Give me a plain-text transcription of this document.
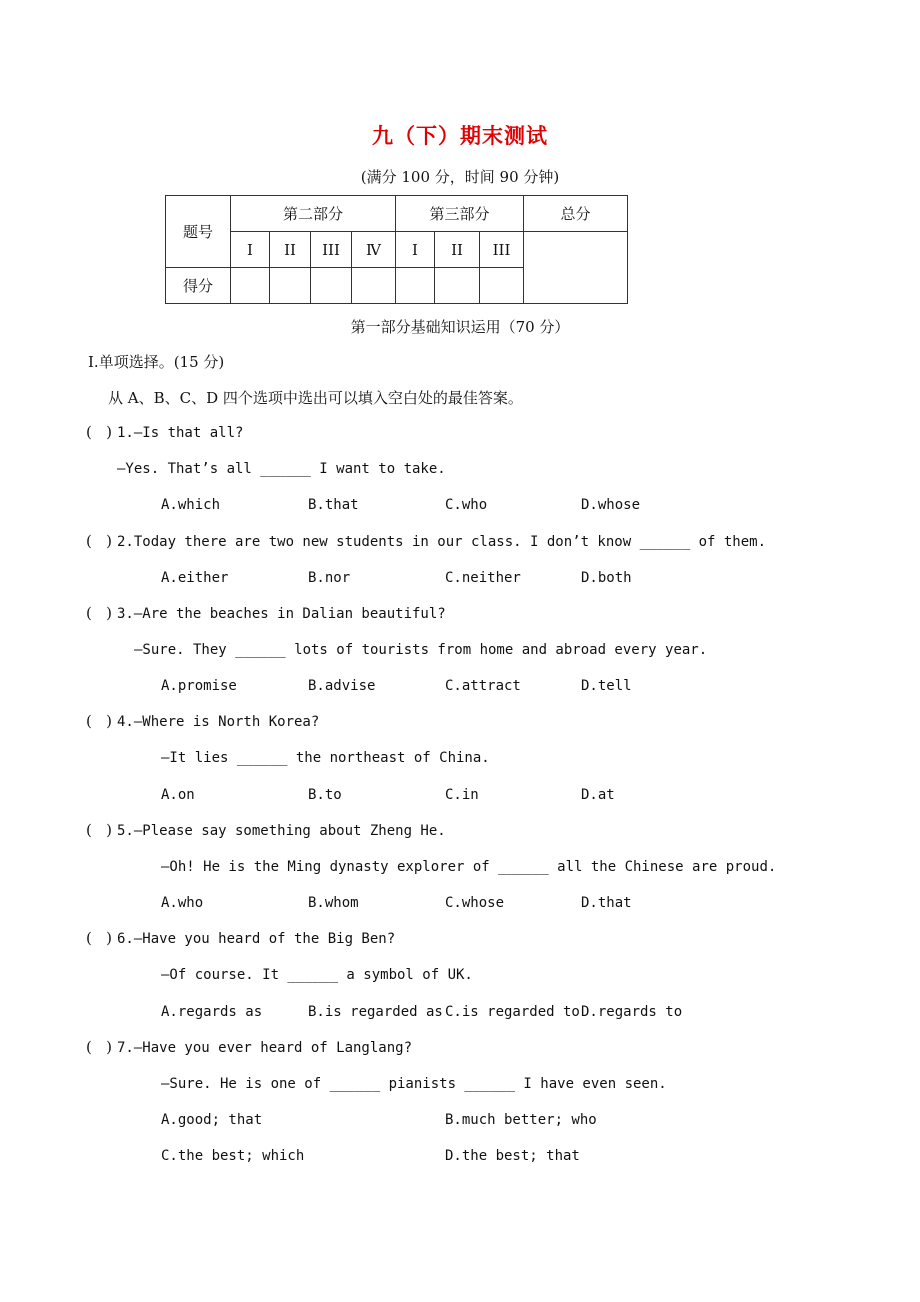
九（下）期末测试
(满分 100 分，时间 90 分钟)
题号	第二部分				第三部分			总分
	I	II	III	Ⅳ	I	II	III	
得分								
第一部分基础知识运用（70 分）
Ⅰ.单项选择。(15 分)
从 A、B、C、D 四个选项中选出可以填入空白处的最佳答案。
(   ) 1.—Is that all?
—Yes. That’s all ______ I want to take.
A.which	B.that	C.who	D.whose
(   ) 2.Today there are two new students in our class. I don’t know ______ of them.
A.either	B.nor	C.neither	D.both
(   ) 3.—Are the beaches in Dalian beautiful?
—Sure. They ______ lots of tourists from home and abroad every year.
A.promise	B.advise	C.attract	D.tell
(   ) 4.—Where is North Korea?
—It lies ______ the northeast of China.
A.on	B.to	C.in	D.at
(   ) 5.—Please say something about Zheng He.
—Oh! He is the Ming dynasty explorer of ______ all the Chinese are proud.
A.who	B.whom	C.whose	D.that
(   ) 6.—Have you heard of the Big Ben?
—Of course. It ______ a symbol of UK.
A.regards as	B.is regarded as C.is regarded to D.regards to
(   ) 7.—Have you ever heard of Langlang?
—Sure. He is one of ______ pianists ______ I have even seen.
A.good; that	B.much better; who
C.the best; which	D.the best; that
